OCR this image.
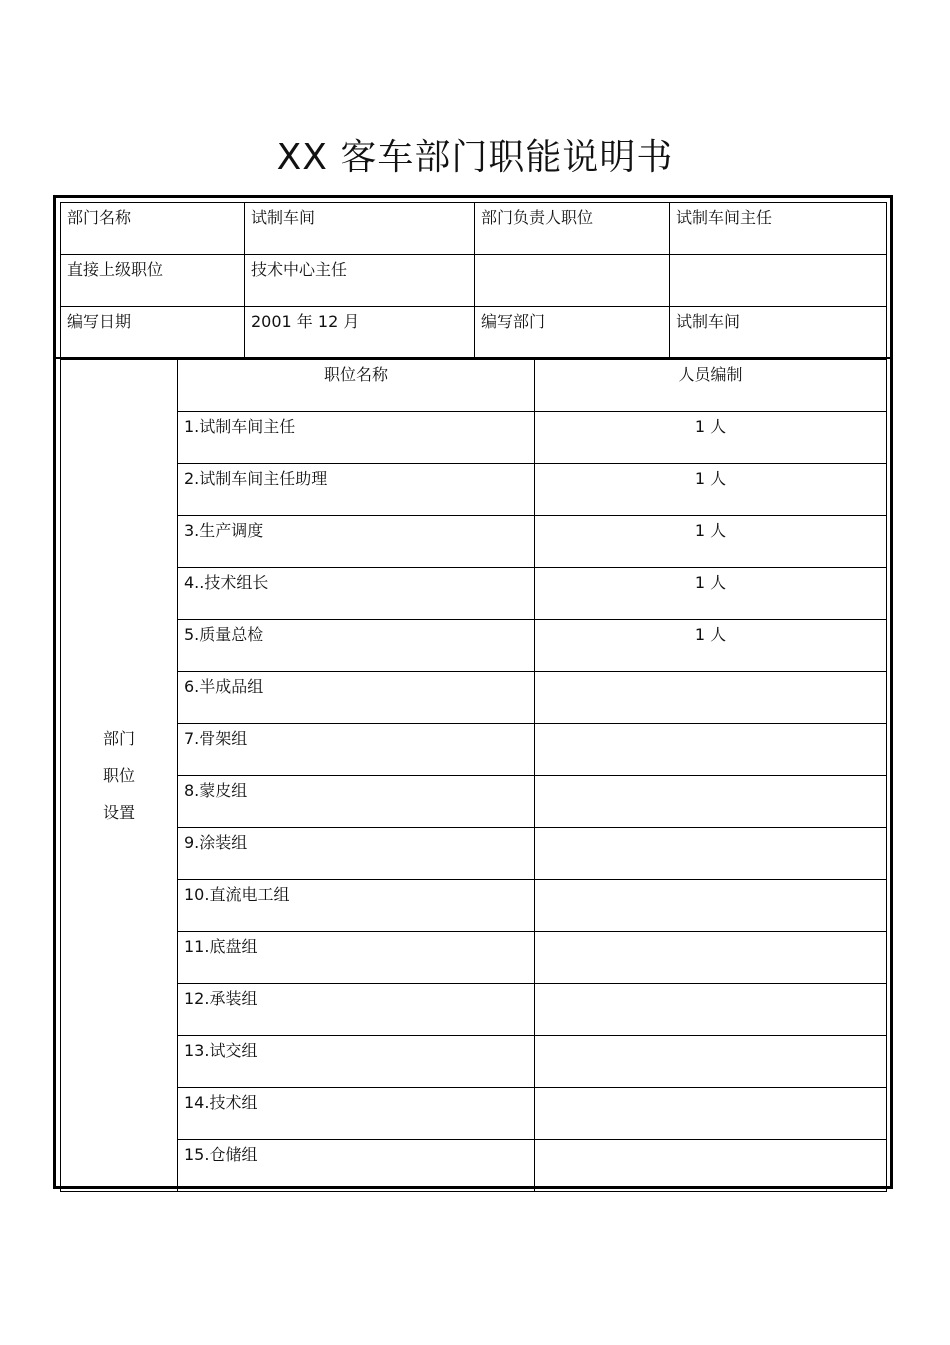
XX 客车部门职能说明书
部门名称	试制车间	部门负责人职位	试制车间主任
直接上级职位	技术中心主任		
编写日期	2001 年 12 月	编写部门	试制车间
部门
职位
设置	职位名称	人员编制
	1.试制车间主任	1 人
	2.试制车间主任助理	1 人
	3.生产调度	1 人
	4..技术组长	1 人
	5.质量总检	1 人
	6.半成品组	
	7.骨架组	
	8.蒙皮组	
	9.涂装组	
	10.直流电工组	
	11.底盘组	
	12.承装组	
	13.试交组	
	14.技术组	
	15.仓储组	
